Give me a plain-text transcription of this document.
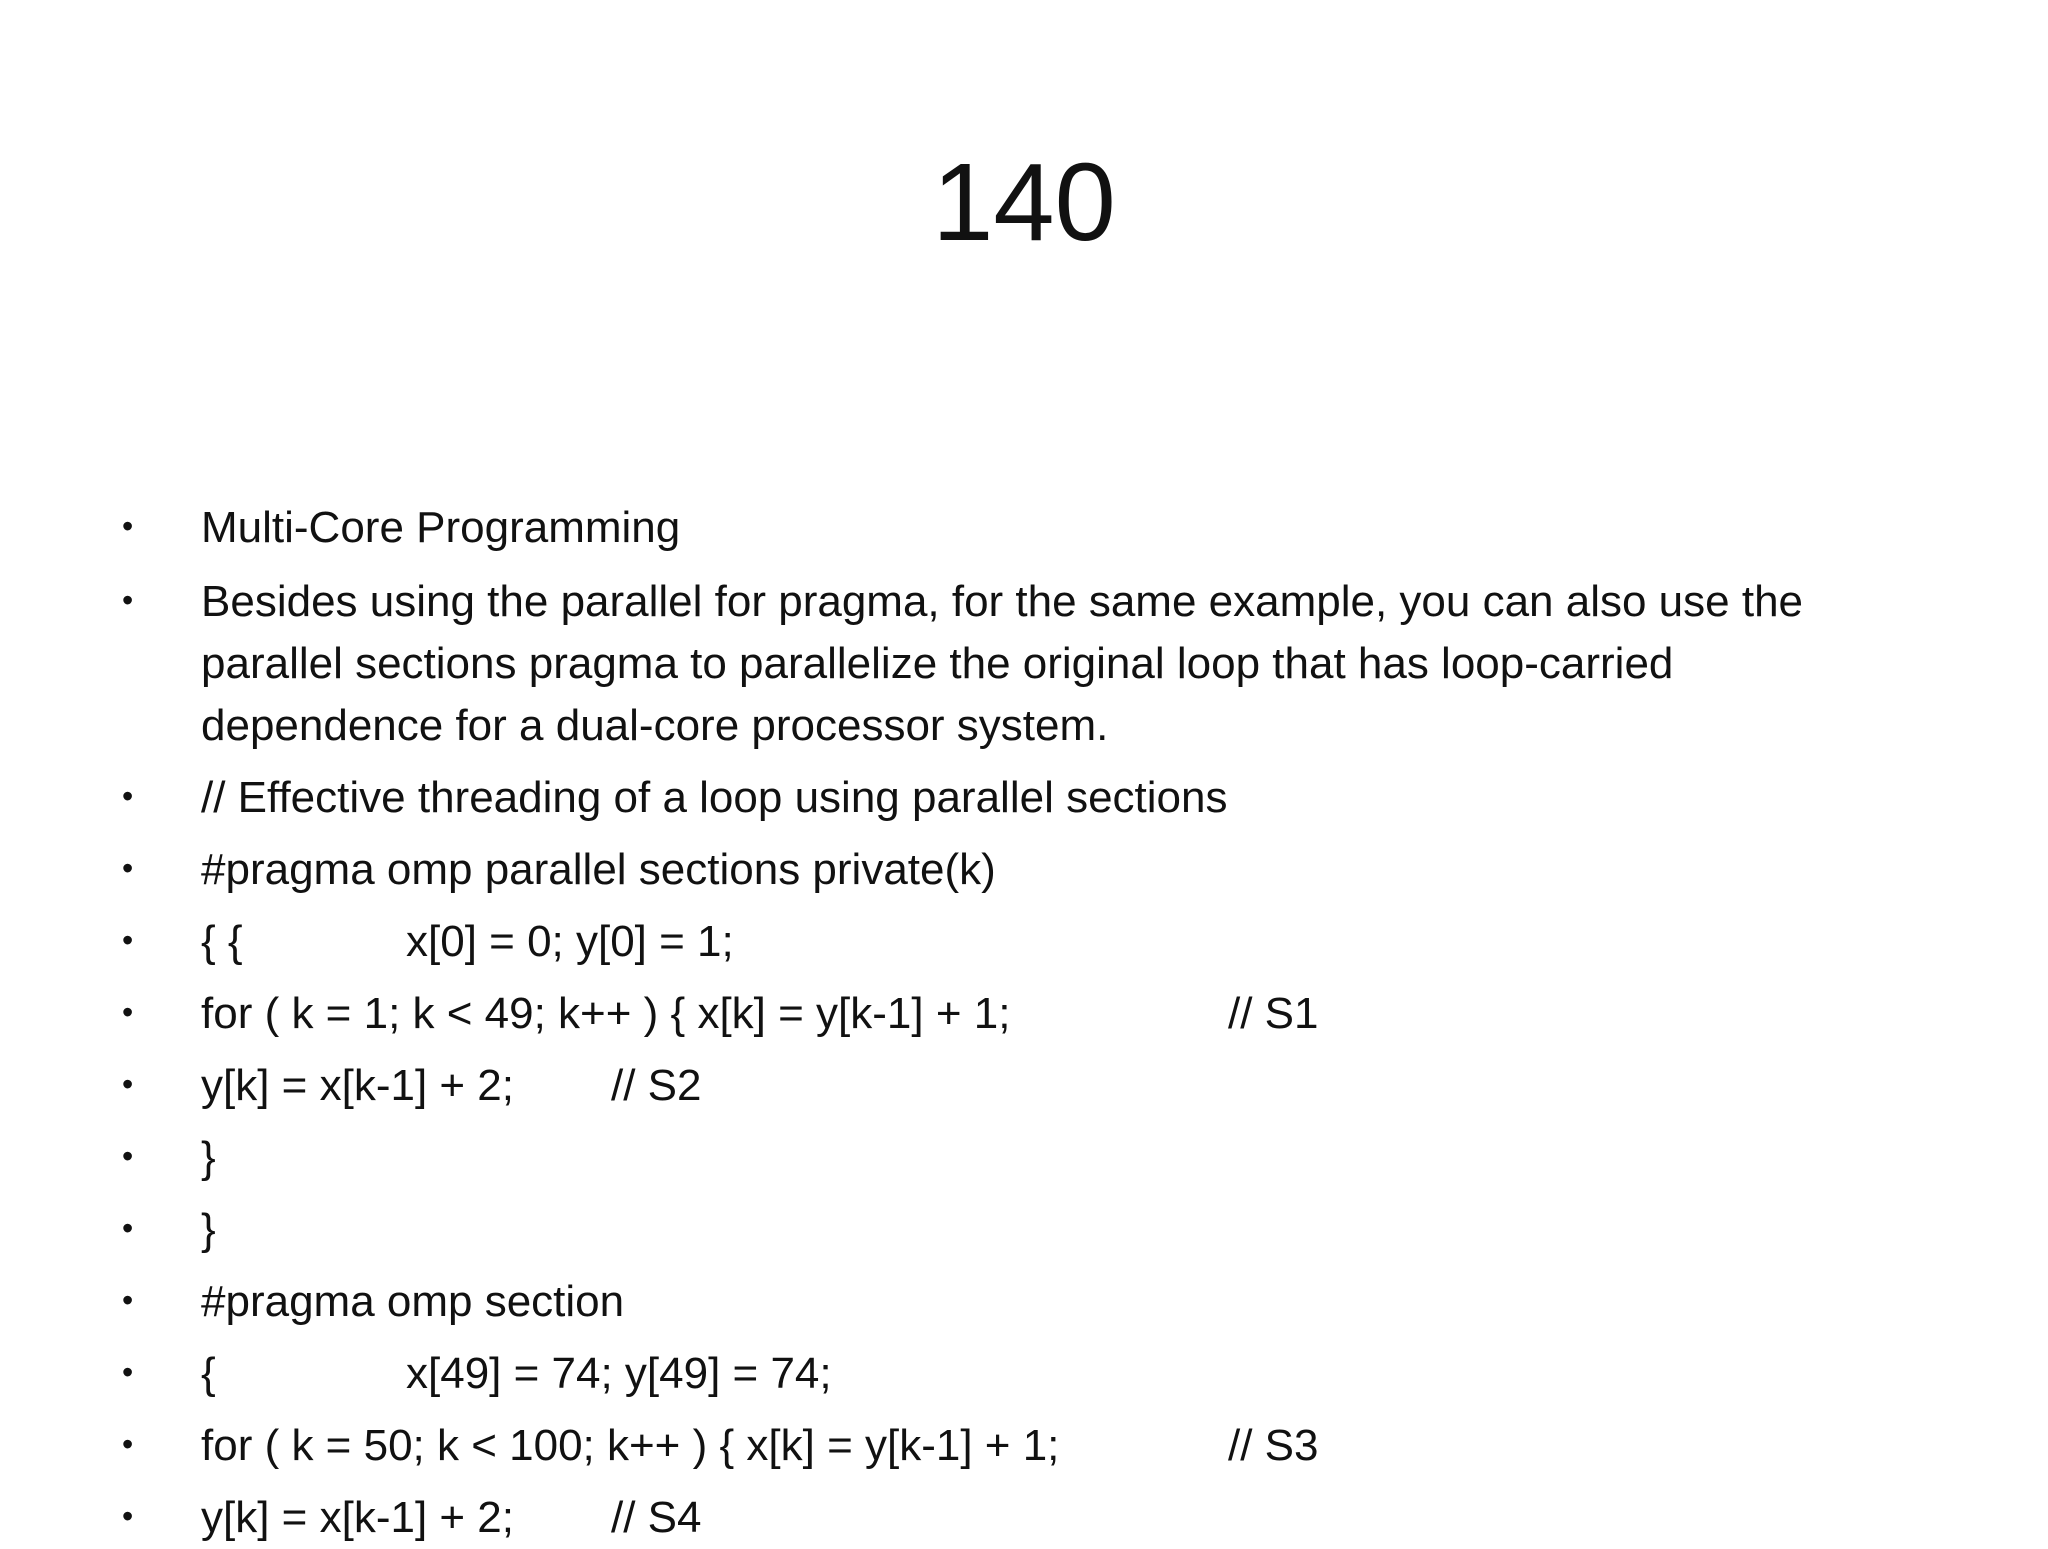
140
• Multi-Core Programming
• Besides using the parallel for pragma, for the same example, you can also use the
parallel sections pragma to parallelize the original loop that has loop-carried
dependence for a dual-core processor system.
• // Effective threading of a loop using parallel sections
• #pragma omp parallel sections private(k)
• { {	x[0] = 0; y[0] = 1;
• for ( k = 1; k < 49; k++ ) { x[k] = y[k-1] + 1;	// S1
• y[k] = x[k-1] + 2; // S2
• }
• }
• #pragma omp section
• {	x[49] = 74; y[49] = 74;
• for ( k = 50; k < 100; k++ ) { x[k] = y[k-1] + 1;	// S3
• y[k] = x[k-1] + 2; // S4
